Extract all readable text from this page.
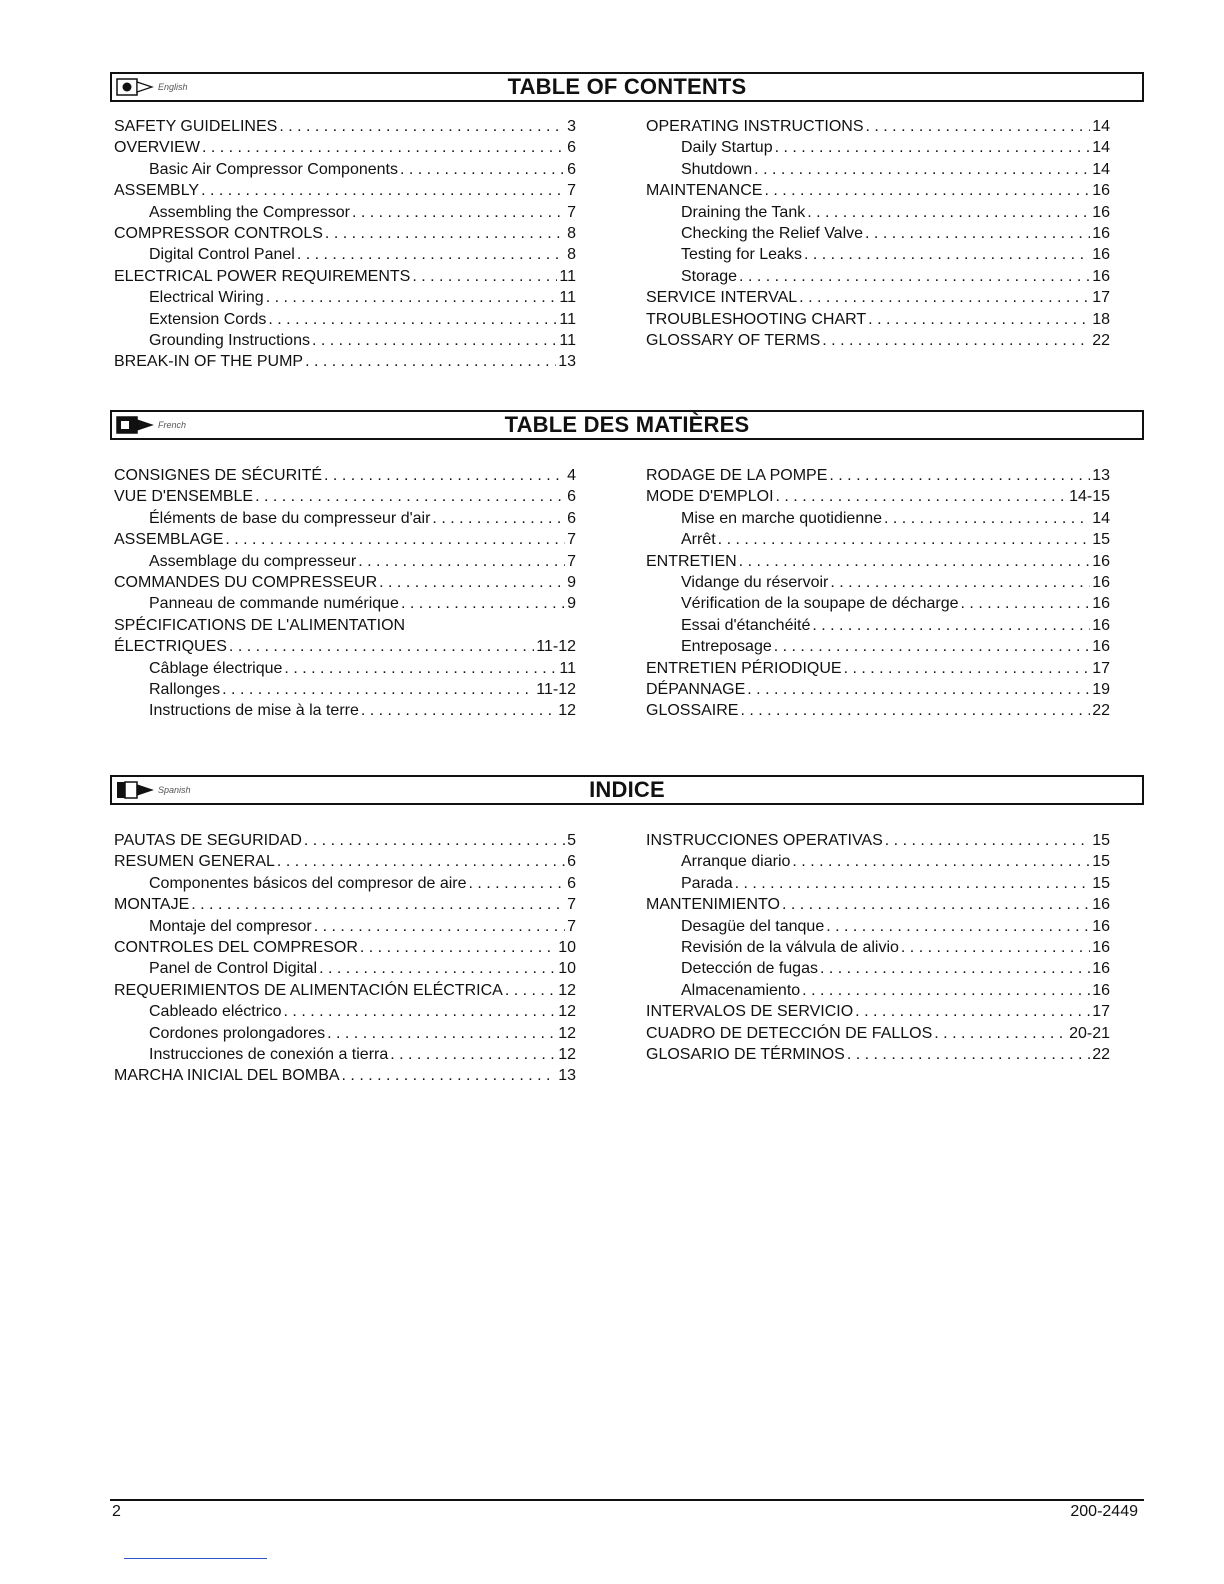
English	TABLE OF CONTENTS
SAFETY GUIDELINES . . .	3
OVERVIEW . . .	6
Basic Air Compressor Components . . .	6
ASSEMBLY . . .	7
Assembling the Compressor . . .	7
COMPRESSOR CONTROLS . . .	8
Digital Control Panel . . .	8
ELECTRICAL POWER REQUIREMENTS . . .	11
Electrical Wiring . . .	11
Extension Cords . . .	11
Grounding Instructions . . .	11
BREAK-IN OF THE PUMP . . .	13
OPERATING INSTRUCTIONS . . .	14
Daily Startup . . .	14
Shutdown . . .	14
MAINTENANCE . . .	16
Draining the Tank . . .	16
Checking the Relief Valve . . .	16
Testing for Leaks . . .	16
Storage . . .	16
SERVICE INTERVAL . . .	17
TROUBLESHOOTING CHART . . .	18
GLOSSARY OF TERMS . . .	22
French	TABLE DES MATIÈRES
CONSIGNES DE SÉCURITÉ . . .	4
VUE D'ENSEMBLE . . .	6
Éléments de base du compresseur d'air . . .	6
ASSEMBLAGE . . .	7
Assemblage du compresseur . . .	7
COMMANDES DU COMPRESSEUR . . .	9
Panneau de commande numérique . . .	9
SPÉCIFICATIONS DE L'ALIMENTATION
ÉLECTRIQUES . . .	11-12
Câblage électrique . . .	11
Rallonges . . .	11-12
Instructions de mise à la terre . . .	12
RODAGE DE LA POMPE . . .	13
MODE D'EMPLOI . . .	14-15
Mise en marche quotidienne . . .	14
Arrêt . . .	15
ENTRETIEN . . .	16
Vidange du réservoir . . .	16
Vérification de la soupape de décharge . . .	16
Essai d'étanchéité . . .	16
Entreposage . . .	16
ENTRETIEN PÉRIODIQUE . . .	17
DÉPANNAGE . . .	19
GLOSSAIRE . . .	22
Spanish	INDICE
PAUTAS DE SEGURIDAD . . .	5
RESUMEN GENERAL . . .	6
Componentes básicos del compresor de aire . . .	6
MONTAJE . . .	7
Montaje del compresor . . .	7
CONTROLES DEL COMPRESOR . . .	10
Panel de Control Digital . . .	10
REQUERIMIENTOS DE ALIMENTACIÓN ELÉCTRICA . . .	12
Cableado eléctrico . . .	12
Cordones prolongadores . . .	12
Instrucciones de conexión a tierra . . .	12
MARCHA INICIAL DEL BOMBA . . .	13
INSTRUCCIONES OPERATIVAS . . .	15
Arranque diario . . .	15
Parada . . .	15
MANTENIMIENTO . . .	16
Desagüe del tanque . . .	16
Revisión de la válvula de alivio . . .	16
Detección de fugas . . .	16
Almacenamiento . . .	16
INTERVALOS DE SERVICIO . . .	17
CUADRO DE DETECCIÓN DE FALLOS . . .	20-21
GLOSARIO DE TÉRMINOS . . .	22
2	200-2449
